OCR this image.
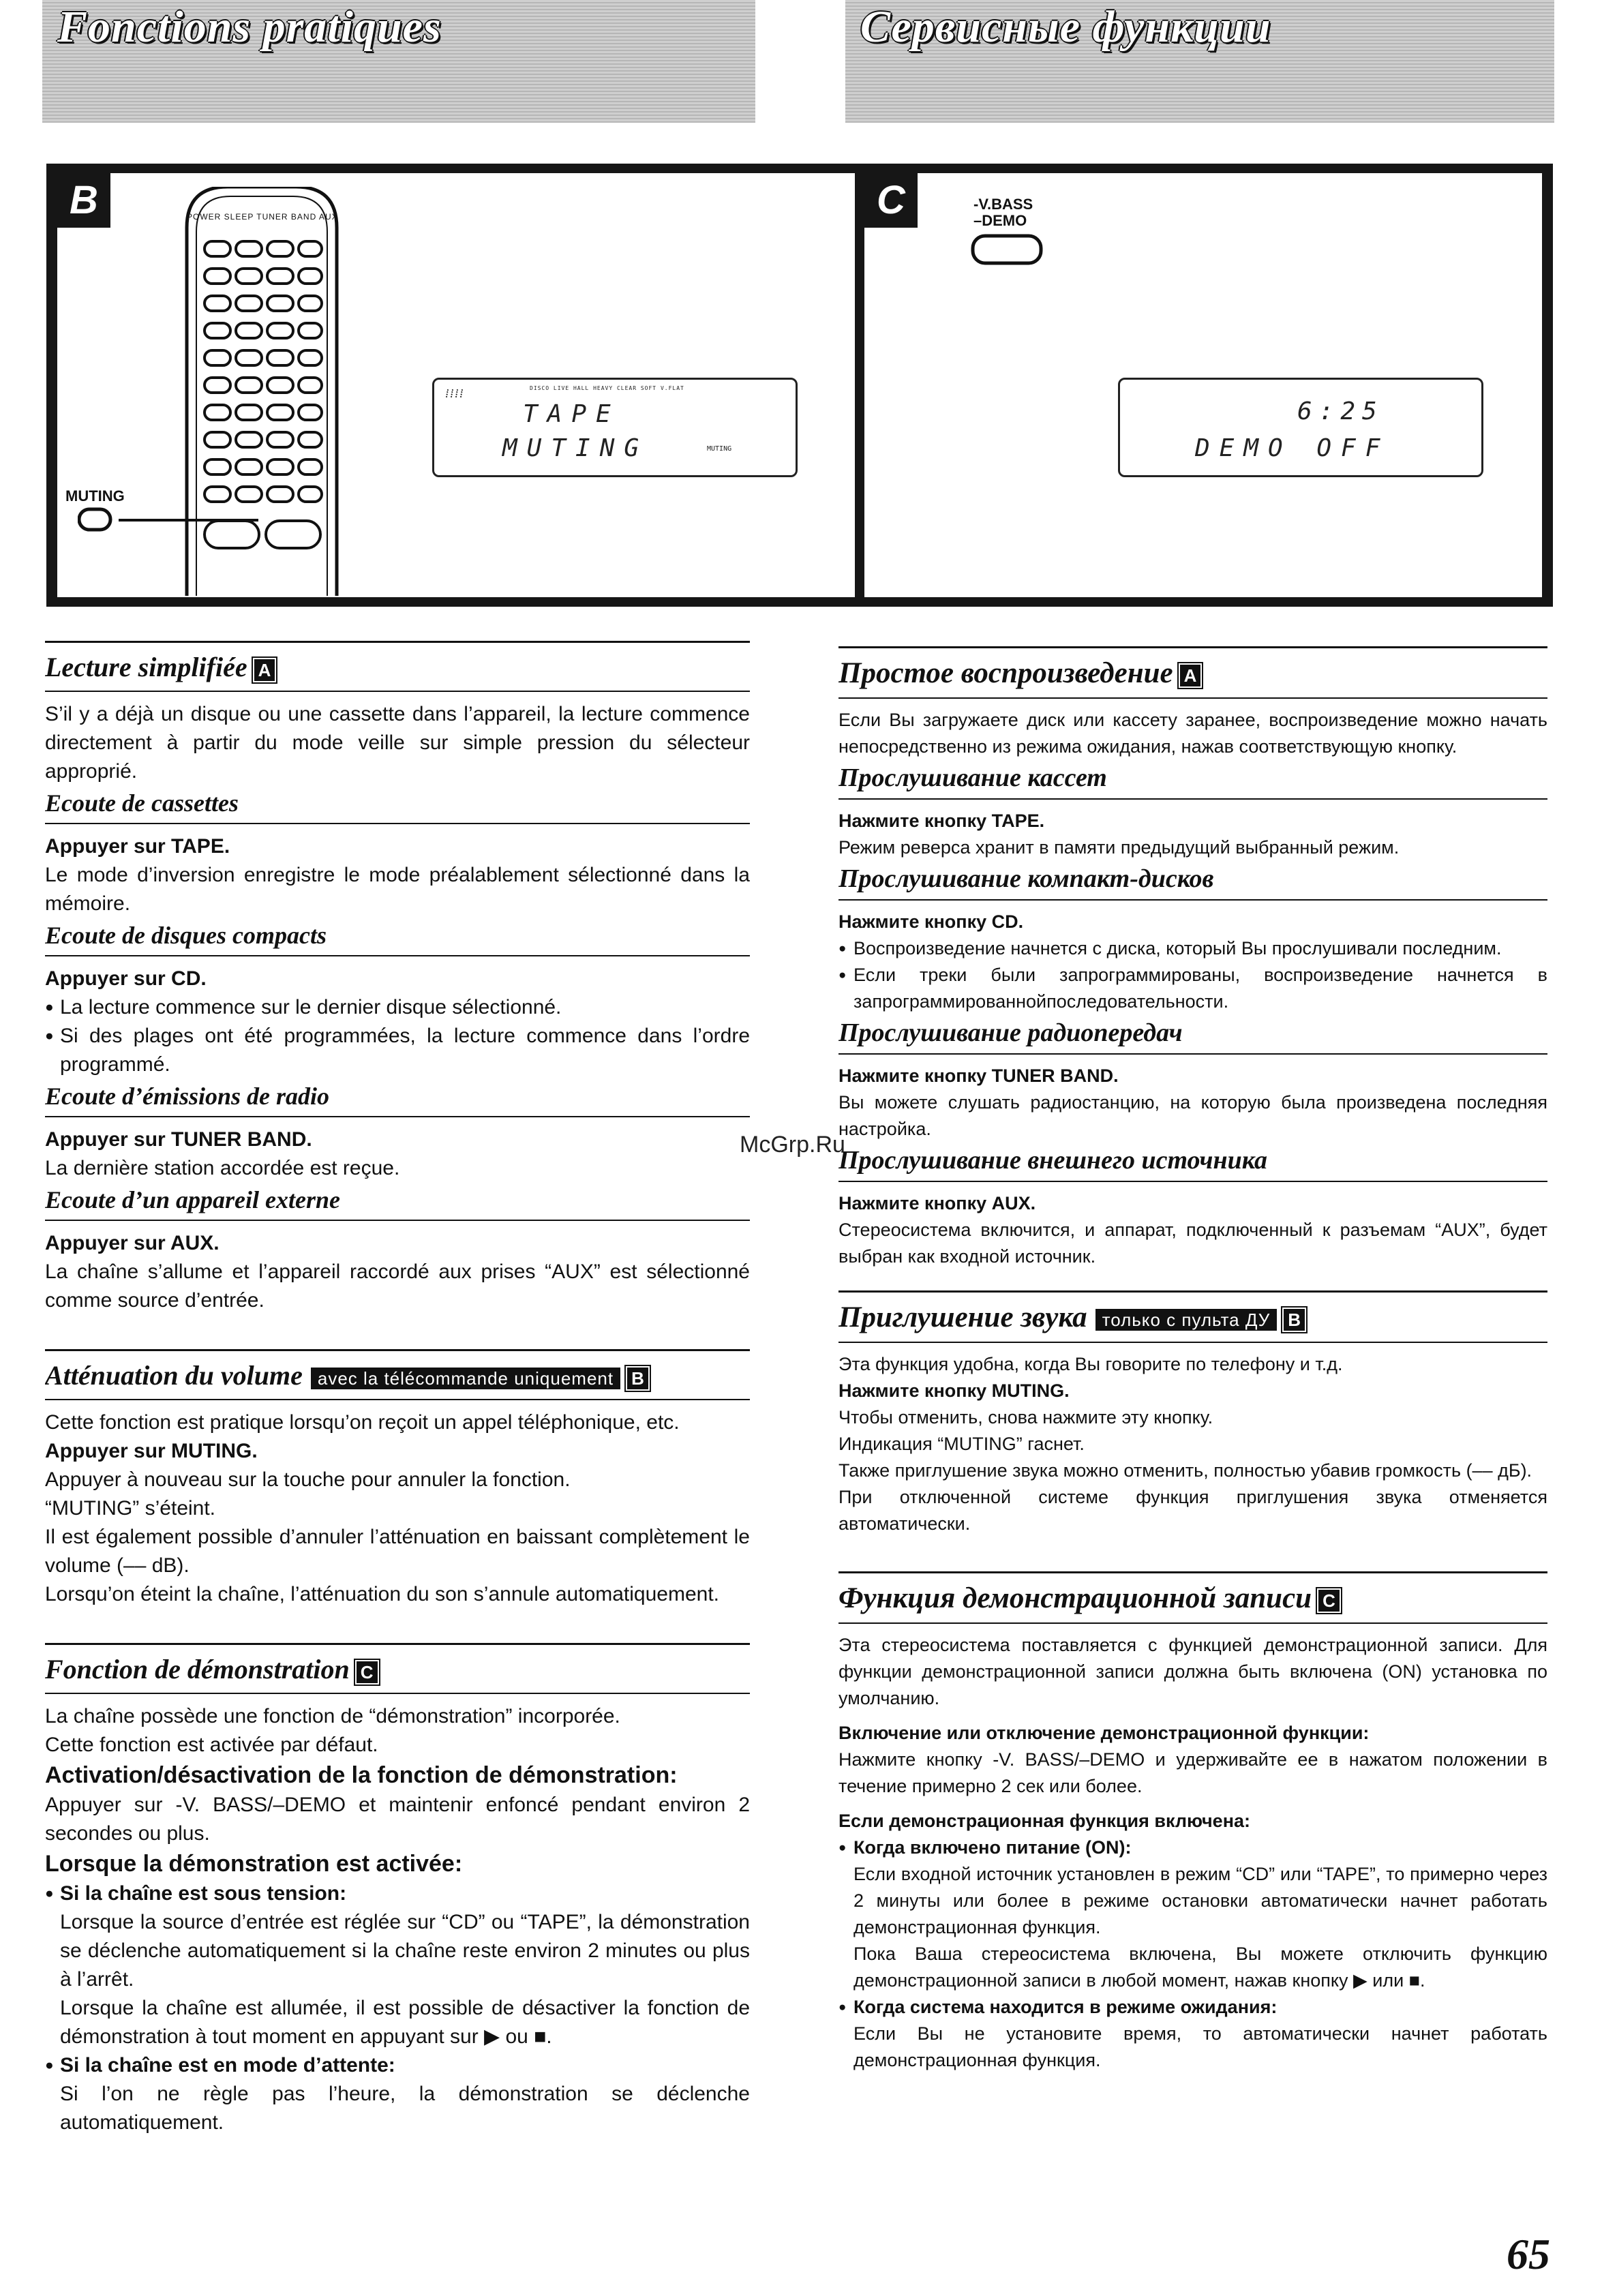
Fonctions pratiques	Сервисные функции
B	POWER SLEEP TUNER BAND AUX
MUTING
⁞⁞⁞⁞	DISCO LIVE HALL HEAVY CLEAR SOFT V.FLAT
TAPE
MUTING	MUTING
C	-V.BASS
–DEMO
6:25
DEMO OFF
Lecture simplifiée A

S’il y a déjà un disque ou une cassette dans l’appareil, la lecture commence directement à partir du mode veille sur simple pression du sélecteur approprié.

Ecoute de cassettes
Appuyer sur TAPE.

Le mode d’inversion enregistre le mode préalablement sélectionné dans la mémoire.

Ecoute de disques compacts
Appuyer sur CD.
● La lecture commence sur le dernier disque sélectionné.
● Si des plages ont été programmées, la lecture commence dans l’ordre programmé.
Ecoute d’émissions de radio
Appuyer sur TUNER BAND.

La dernière station accordée est reçue.

Ecoute d’un appareil externe
Appuyer sur AUX.

La chaîne s’allume et l’appareil raccordé aux prises “AUX” est sélectionné comme source d’entrée.

Atténuation du volume avec la télécommande uniquement B

Cette fonction est pratique lorsqu’on reçoit un appel téléphonique, etc.

Appuyer sur MUTING.

Appuyer à nouveau sur la touche pour annuler la fonction.

“MUTING” s’éteint.

Il est également possible d’annuler l’atténuation en baissant complètement le volume (–– dB).

Lorsqu’on éteint la chaîne, l’atténuation du son s’annule automatiquement.

Fonction de démonstration C

La chaîne possède une fonction de “démonstration” incorporée.

Cette fonction est activée par défaut.

Activation/désactivation de la fonction de démonstration:

Appuyer sur -V. BASS/–DEMO et maintenir enfoncé pendant environ 2 secondes ou plus.

Lorsque la démonstration est activée:
● Si la chaîne est sous tension:

Lorsque la source d’entrée est réglée sur “CD” ou “TAPE”, la démonstration se déclenche automatiquement si la chaîne reste environ 2 minutes ou plus à l’arrêt.

Lorsque la chaîne est allumée, il est possible de désactiver la fonction de démonstration à tout moment en appuyant sur ▶ ou ■.

● Si la chaîne est en mode d’attente:

Si l’on ne règle pas l’heure, la démonstration se déclenche automatiquement.

Простое воспроизведение A

Если Вы загружаете диск или кассету заранее, воспроизведение можно начать непосредственно из режима ожидания, нажав соответствующую кнопку.

Прослушивание кассет
Нажмите кнопку TAPE.

Режим реверса хранит в памяти предыдущий выбранный режим.

Прослушивание компакт-дисков
Нажмите кнопку CD.
● Воспроизведение начнется с диска, который Вы прослушивали последним.
● Если треки были запрограммированы, воспроизведение начнется в запрограммированнойпоследовательности.
Прослушивание радиопередач
Нажмите кнопку TUNER BAND.

Вы можете слушать радиостанцию, на которую была произведена последняя настройка.

Прослушивание внешнего источника
Нажмите кнопку AUX.

Стереосистема включится, и аппарат, подключенный к разъемам “AUX”, будет выбран как входной источник.

Приглушение звука только с пульта ДУ B

Эта функция удобна, когда Вы говорите по телефону и т.д.

Нажмите кнопку MUTING.

Чтобы отменить, снова нажмите эту кнопку.

Индикация “MUTING” гаснет.

Также приглушение звука можно отменить, полностью убавив громкость (–– дБ).

При отключенной системе функция приглушения звука отменяется автоматически.

Функция демонстрационной записи C

Эта стереосистема поставляется с функцией демонстрационной записи. Для функции демонстрационной записи должна быть включена (ON) установка по умолчанию.

Включение или отключение демонстрационной функции:

Нажмите кнопку -V. BASS/–DEMO и удерживайте ее в нажатом положении в течение примерно 2 сек или более.

Если демонстрационная функция включена:
● Когда включено питание (ON):

Если входной источник установлен в режим “CD” или “TAPE”, то примерно через 2 минуты или более в режиме остановки автоматически начнет работать демонстрационная функция.

Пока Ваша стереосистема включена, Вы можете отключить функцию демонстрационной записи в любой момент, нажав кнопку ▶ или ■.

● Когда система находится в режиме ожидания:

Если Вы не установите время, то автоматически начнет работать демонстрационная функция.

McGrp.Ru
65
